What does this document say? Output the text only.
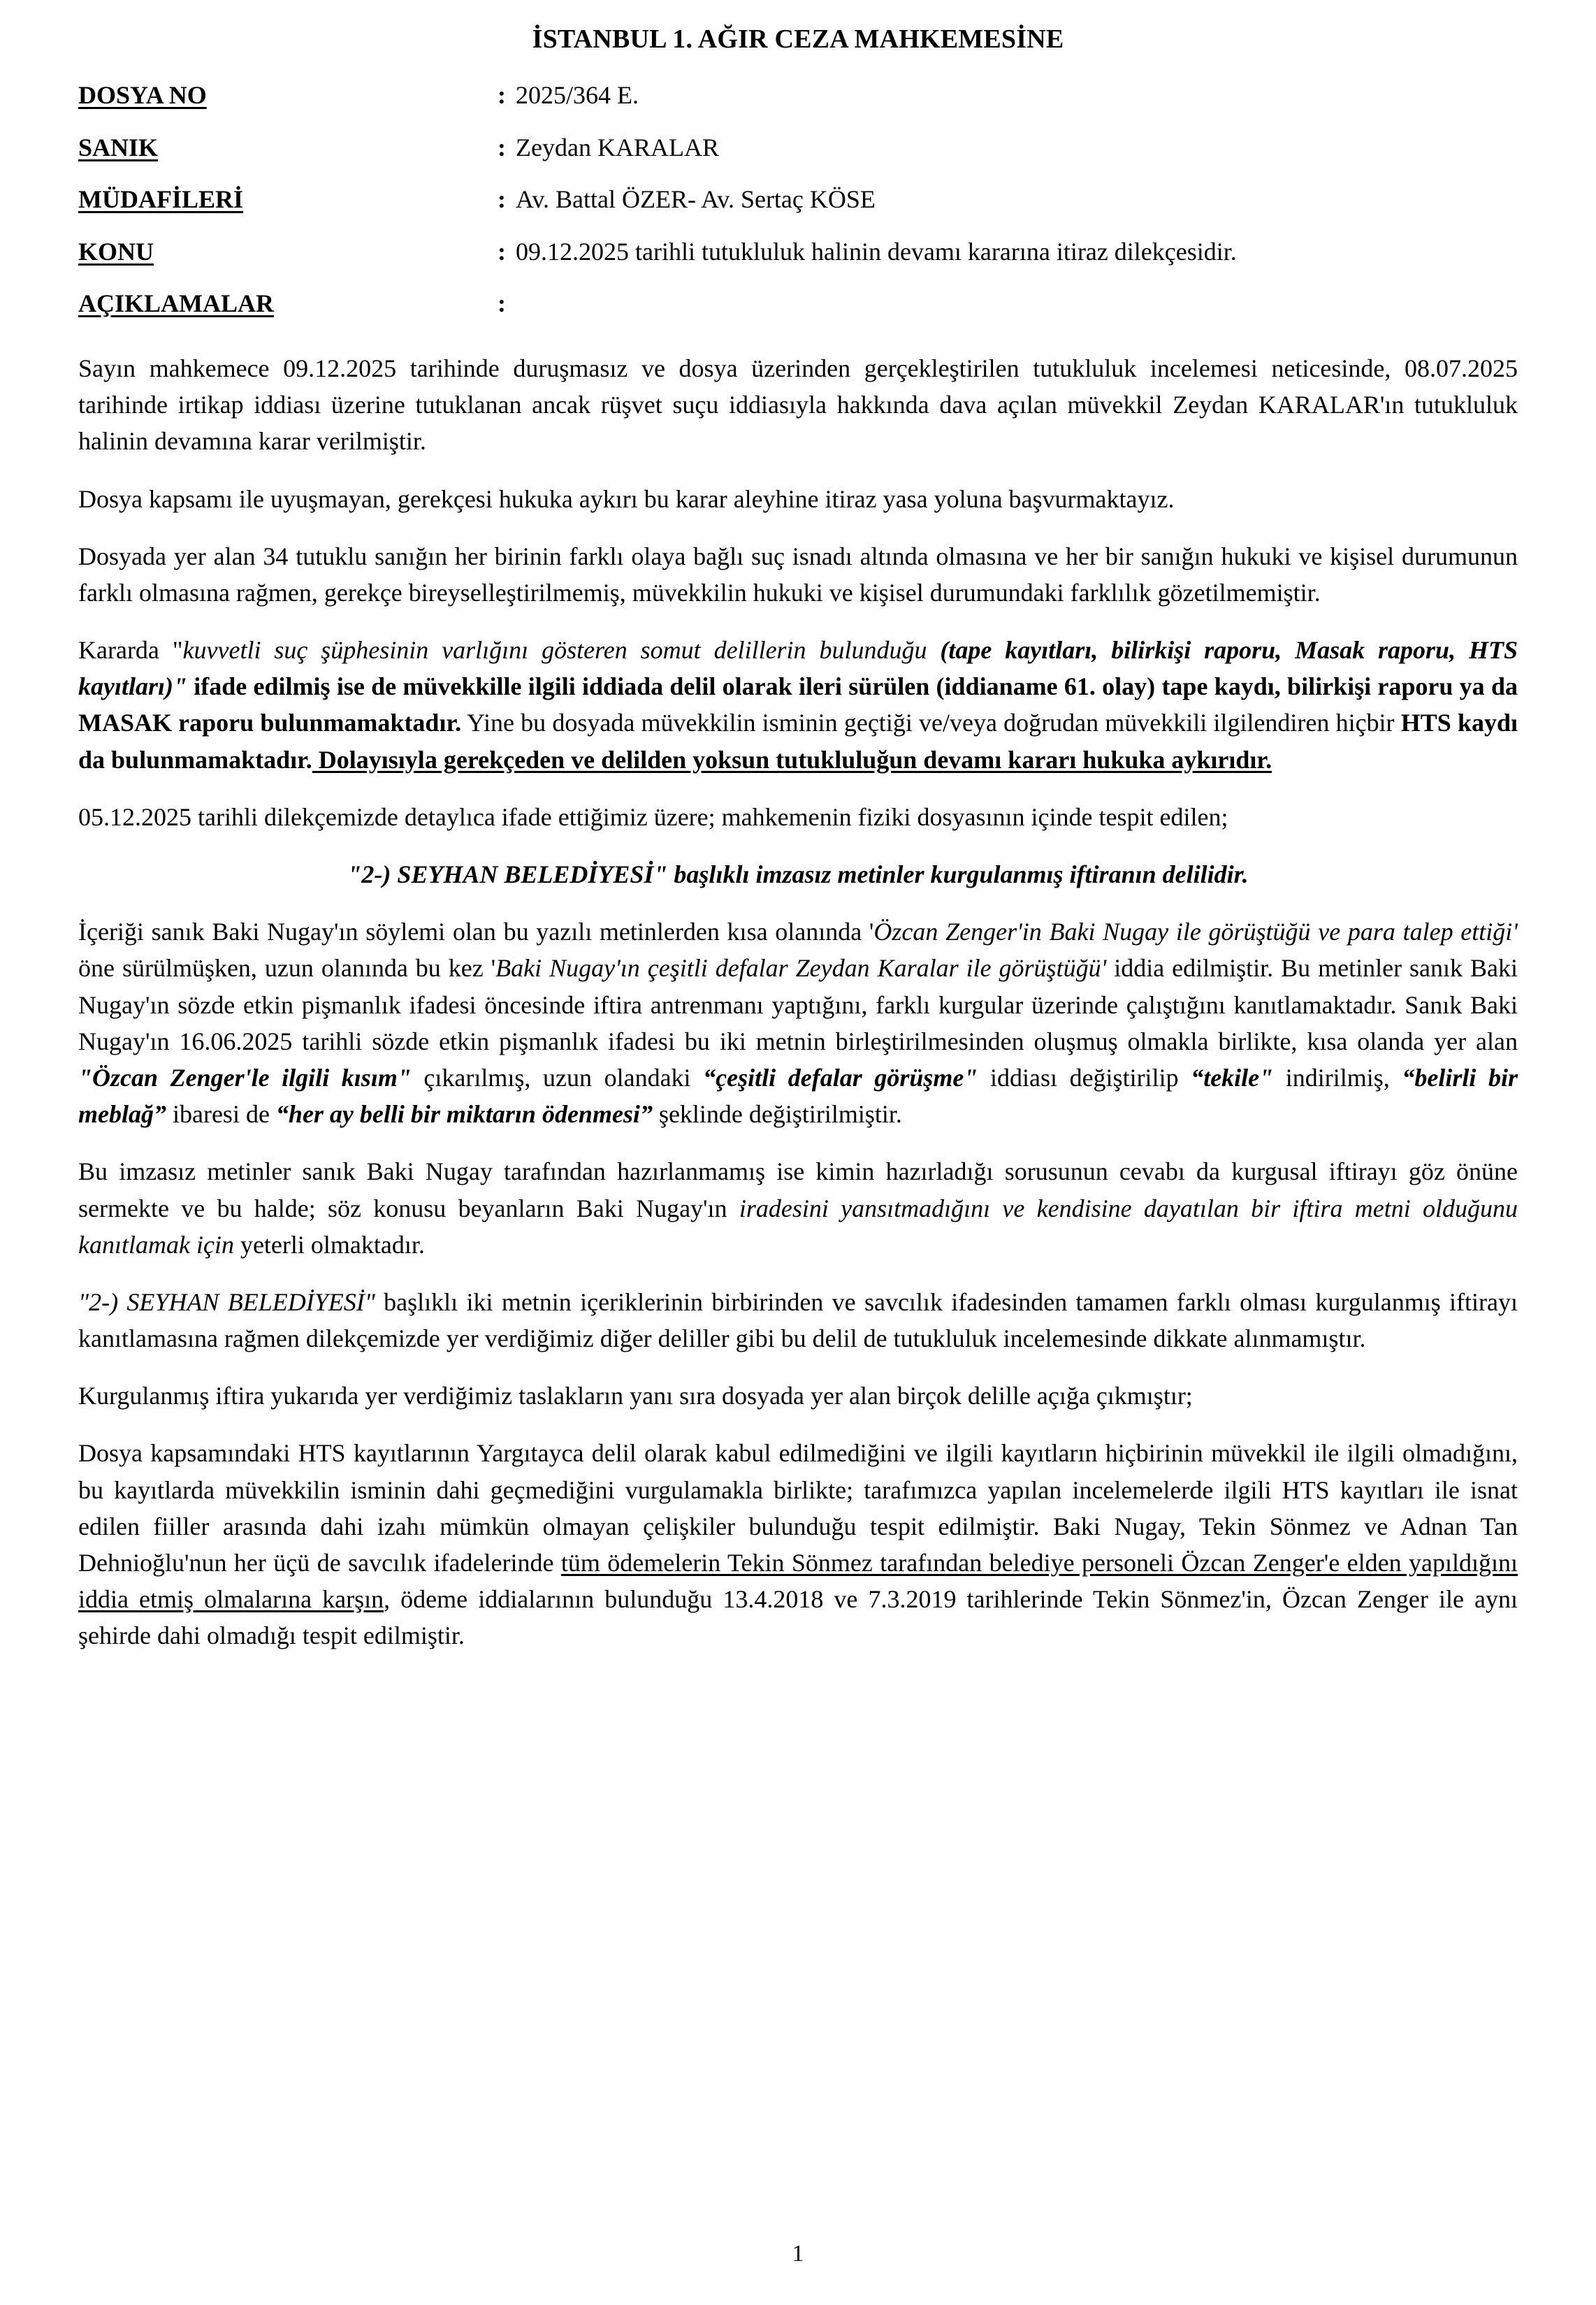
İSTANBUL 1. AĞIR CEZA MAHKEMESİNE
DOSYA NO	: 2025/364 E.
SANIK	: Zeydan KARALAR
MÜDAFİLERİ	: Av. Battal ÖZER- Av. Sertaç KÖSE
KONU	: 09.12.2025 tarihli tutukluluk halinin devamı kararına itiraz dilekçesidir.
AÇIKLAMALAR	:

Sayın mahkemece 09.12.2025 tarihinde duruşmasız ve dosya üzerinden gerçekleştirilen tutukluluk incelemesi neticesinde, 08.07.2025 tarihinde irtikap iddiası üzerine tutuklanan ancak rüşvet suçu iddiasıyla hakkında dava açılan müvekkil Zeydan KARALAR'ın tutukluluk halinin devamına karar verilmiştir.

Dosya kapsamı ile uyuşmayan, gerekçesi hukuka aykırı bu karar aleyhine itiraz yasa yoluna başvurmaktayız.

Dosyada yer alan 34 tutuklu sanığın her birinin farklı olaya bağlı suç isnadı altında olmasına ve her bir sanığın hukuki ve kişisel durumunun farklı olmasına rağmen, gerekçe bireyselleştirilmemiş, müvekkilin hukuki ve kişisel durumundaki farklılık gözetilmemiştir.

Kararda "kuvvetli suç şüphesinin varlığını gösteren somut delillerin bulunduğu (tape kayıtları, bilirkişi raporu, Masak raporu, HTS kayıtları)" ifade edilmiş ise de müvekkille ilgili iddiada delil olarak ileri sürülen (iddianame 61. olay) tape kaydı, bilirkişi raporu ya da MASAK raporu bulunmamaktadır. Yine bu dosyada müvekkilin isminin geçtiği ve/veya doğrudan müvekkili ilgilendiren hiçbir HTS kaydı da bulunmamaktadır. Dolayısıyla gerekçeden ve delilden yoksun tutukluluğun devamı kararı hukuka aykırıdır.

05.12.2025 tarihli dilekçemizde detaylıca ifade ettiğimiz üzere; mahkemenin fiziki dosyasının içinde tespit edilen;

"2-) SEYHAN BELEDİYESİ" başlıklı imzasız metinler kurgulanmış iftiranın delilidir.

İçeriği sanık Baki Nugay'ın söylemi olan bu yazılı metinlerden kısa olanında 'Özcan Zenger'in Baki Nugay ile görüştüğü ve para talep ettiği' öne sürülmüşken, uzun olanında bu kez 'Baki Nugay'ın çeşitli defalar Zeydan Karalar ile görüştüğü' iddia edilmiştir. Bu metinler sanık Baki Nugay'ın sözde etkin pişmanlık ifadesi öncesinde iftira antrenmanı yaptığını, farklı kurgular üzerinde çalıştığını kanıtlamaktadır. Sanık Baki Nugay'ın 16.06.2025 tarihli sözde etkin pişmanlık ifadesi bu iki metnin birleştirilmesinden oluşmuş olmakla birlikte, kısa olanda yer alan "Özcan Zenger'le ilgili kısım" çıkarılmış, uzun olandaki “çeşitli defalar görüşme" iddiası değiştirilip “tekile" indirilmiş, “belirli bir meblağ” ibaresi de “her ay belli bir miktarın ödenmesi” şeklinde değiştirilmiştir.

Bu imzasız metinler sanık Baki Nugay tarafından hazırlanmamış ise kimin hazırladığı sorusunun cevabı da kurgusal iftirayı göz önüne sermekte ve bu halde; söz konusu beyanların Baki Nugay'ın iradesini yansıtmadığını ve kendisine dayatılan bir iftira metni olduğunu kanıtlamak için yeterli olmaktadır.

"2-) SEYHAN BELEDİYESİ" başlıklı iki metnin içeriklerinin birbirinden ve savcılık ifadesinden tamamen farklı olması kurgulanmış iftirayı kanıtlamasına rağmen dilekçemizde yer verdiğimiz diğer deliller gibi bu delil de tutukluluk incelemesinde dikkate alınmamıştır.

Kurgulanmış iftira yukarıda yer verdiğimiz taslakların yanı sıra dosyada yer alan birçok delille açığa çıkmıştır;

Dosya kapsamındaki HTS kayıtlarının Yargıtayca delil olarak kabul edilmediğini ve ilgili kayıtların hiçbirinin müvekkil ile ilgili olmadığını, bu kayıtlarda müvekkilin isminin dahi geçmediğini vurgulamakla birlikte; tarafımızca yapılan incelemelerde ilgili HTS kayıtları ile isnat edilen fiiller arasında dahi izahı mümkün olmayan çelişkiler bulunduğu tespit edilmiştir. Baki Nugay, Tekin Sönmez ve Adnan Tan Dehnioğlu'nun her üçü de savcılık ifadelerinde tüm ödemelerin Tekin Sönmez tarafından belediye personeli Özcan Zenger'e elden yapıldığını iddia etmiş olmalarına karşın, ödeme iddialarının bulunduğu 13.4.2018 ve 7.3.2019 tarihlerinde Tekin Sönmez'in, Özcan Zenger ile aynı şehirde dahi olmadığı tespit edilmiştir.

1
